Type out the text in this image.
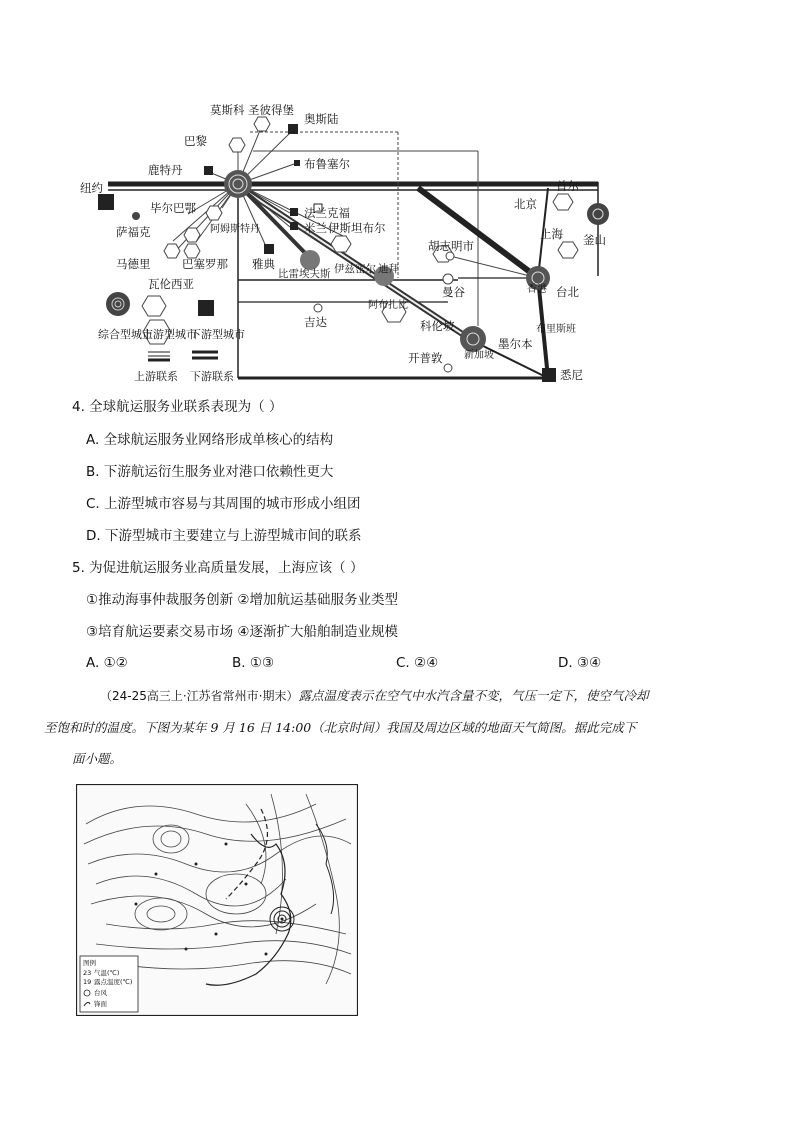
莫斯科 圣彼得堡
奥斯陆
巴黎
布鲁塞尔
鹿特丹
纽约
法兰克福
米兰 伊斯坦布尔
毕尔巴鄂
阿姆斯特丹
萨福克
巴塞罗那
马德里
瓦伦西亚
雅典
比雷埃夫斯 伊兹密尔 迪拜
吉达
阿布扎比
科伦坡
新加坡
胡志明市
曼谷
北京
首尔
釜山
上海
香港 台北
开普敦
墨尔本
布里斯班
悉尼
综合型城市
上游型城市
下游型城市
上游联系 下游联系
4. 全球航运服务业联系表现为（ ）
A. 全球航运服务业网络形成单核心的结构
B. 下游航运衍生服务业对港口依赖性更大
C. 上游型城市容易与其周围的城市形成小组团
D. 下游型城市主要建立与上游型城市间的联系
5. 为促进航运服务业高质量发展，上海应该（ ）
①推动海事仲裁服务创新 ②增加航运基础服务业类型
③培育航运要素交易市场 ④逐渐扩大船舶制造业规模
A. ①②	B. ①③	C. ②④	D. ③④
（24-25高三上·江苏省常州市·期末）露点温度表示在空气中水汽含量不变，气压一定下，使空气冷却
至饱和时的温度。下图为某年 9 月 16 日 14:00（北京时间）我国及周边区域的地面天气简图。据此完成下
面小题。
图例
23 气温(℃)
19 露点温度(℃)
台风
锋面
